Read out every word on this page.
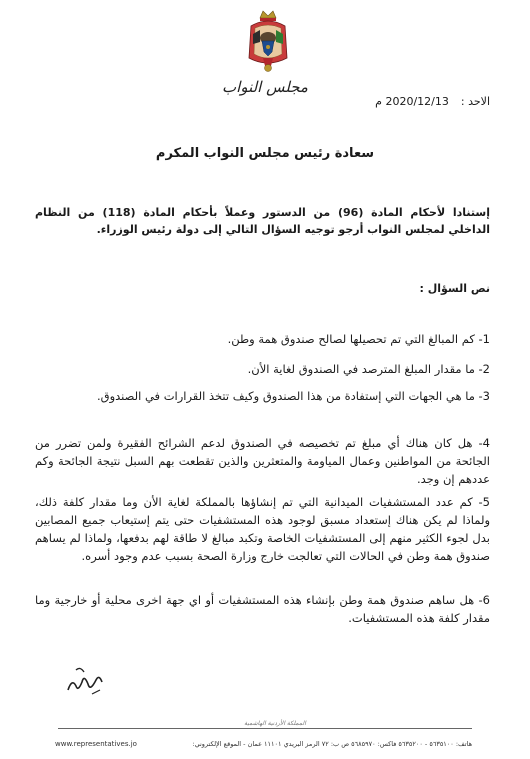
مجلس النواب
الاحد :2020/12/13 م
سعادة رئيس مجلس النواب المكرم
إستنادا لأحكام المادة (96) من الدستور وعملاً بأحكام المادة (118) من النظام الداخلي لمجلس النواب أرجو توجيه السؤال التالي إلى دولة رئيس الوزراء.
نص السؤال :
1- كم المبالغ التي تم تحصيلها لصالح صندوق همة وطن.
2- ما مقدار المبلغ المترصد في الصندوق لغاية الأن.
3- ما هي الجهات التي إستفادة من هذا الصندوق وكيف تتخذ القرارات في الصندوق.
4- هل كان هناك أي مبلغ تم تخصيصه في الصندوق لدعم الشرائح الفقيرة ولمن تضرر من الجائحة من المواطنين وعمال المياومة والمتعثرين والذين تقطعت بهم السبل نتيجة الجائحة وكم عددهم إن وجد.
5- كم عدد المستشفيات الميدانية التي تم إنشاؤها بالمملكة لغاية الأن وما مقدار كلفة ذلك، ولماذا لم يكن هناك إستعداد مسبق لوجود هذه المستشفيات حتى يتم إستيعاب جميع المصابين بدل لجوء الكثير منهم إلى المستشفيات الخاصة وتكبد مبالغ لا طاقة لهم بدفعها، ولماذا لم يساهم صندوق همة وطن في الحالات التي تعالجت خارج وزارة الصحة بسبب عدم وجود أسره.
6- هل ساهم صندوق همة وطن بإنشاء هذه المستشفيات أو اي جهة اخرى محلية أو خارجية وما مقدار كلفة هذه المستشفيات.
المملكة الأردنية الهاشمية
هاتف: ٥٦٣٥١٠٠ - ٥٦٣٥٢٠٠ فاكس: ٥٦٨٥٩٧٠ ص ب: ٧٢ الرمز البريدي ١١١٠١ عمان - الموقع الإلكتروني:
www.representatives.jo
